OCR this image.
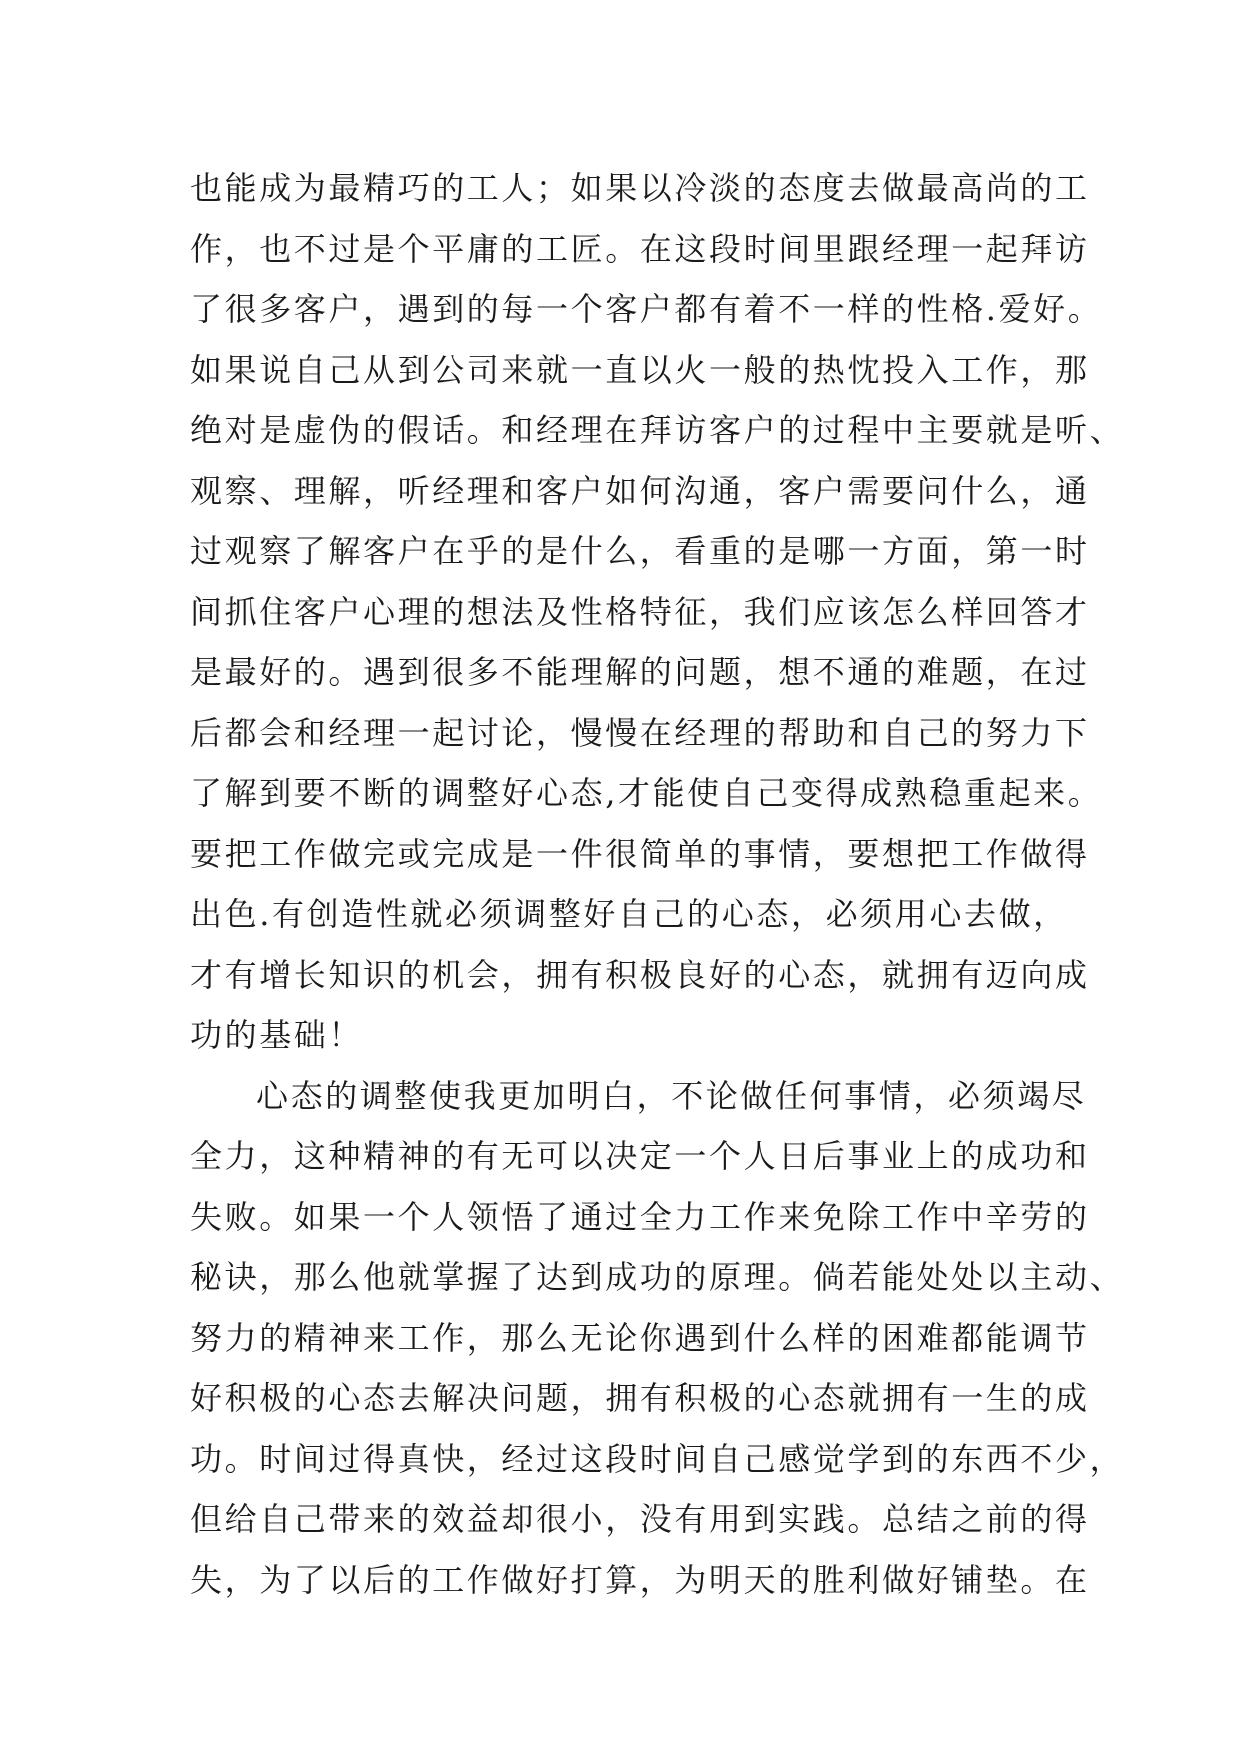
也能成为最精巧的工人；如果以冷淡的态度去做最高尚的工
作，也不过是个平庸的工匠。在这段时间里跟经理一起拜访
了很多客户，遇到的每一个客户都有着不一样的性格.爱好。
如果说自己从到公司来就一直以火一般的热忱投入工作，那
绝对是虚伪的假话。和经理在拜访客户的过程中主要就是听、
观察、理解，听经理和客户如何沟通，客户需要问什么，通
过观察了解客户在乎的是什么，看重的是哪一方面，第一时
间抓住客户心理的想法及性格特征，我们应该怎么样回答才
是最好的。遇到很多不能理解的问题，想不通的难题，在过
后都会和经理一起讨论，慢慢在经理的帮助和自己的努力下
了解到要不断的调整好心态,才能使自己变得成熟稳重起来。
要把工作做完或完成是一件很简单的事情，要想把工作做得
出色.有创造性就必须调整好自己的心态，必须用心去做，
才有增长知识的机会，拥有积极良好的心态，就拥有迈向成
功的基础！
心态的调整使我更加明白，不论做任何事情，必须竭尽
全力，这种精神的有无可以决定一个人日后事业上的成功和
失败。如果一个人领悟了通过全力工作来免除工作中辛劳的
秘诀，那么他就掌握了达到成功的原理。倘若能处处以主动、
努力的精神来工作，那么无论你遇到什么样的困难都能调节
好积极的心态去解决问题，拥有积极的心态就拥有一生的成
功。时间过得真快，经过这段时间自己感觉学到的东西不少，
但给自己带来的效益却很小，没有用到实践。总结之前的得
失，为了以后的工作做好打算，为明天的胜利做好铺垫。在
